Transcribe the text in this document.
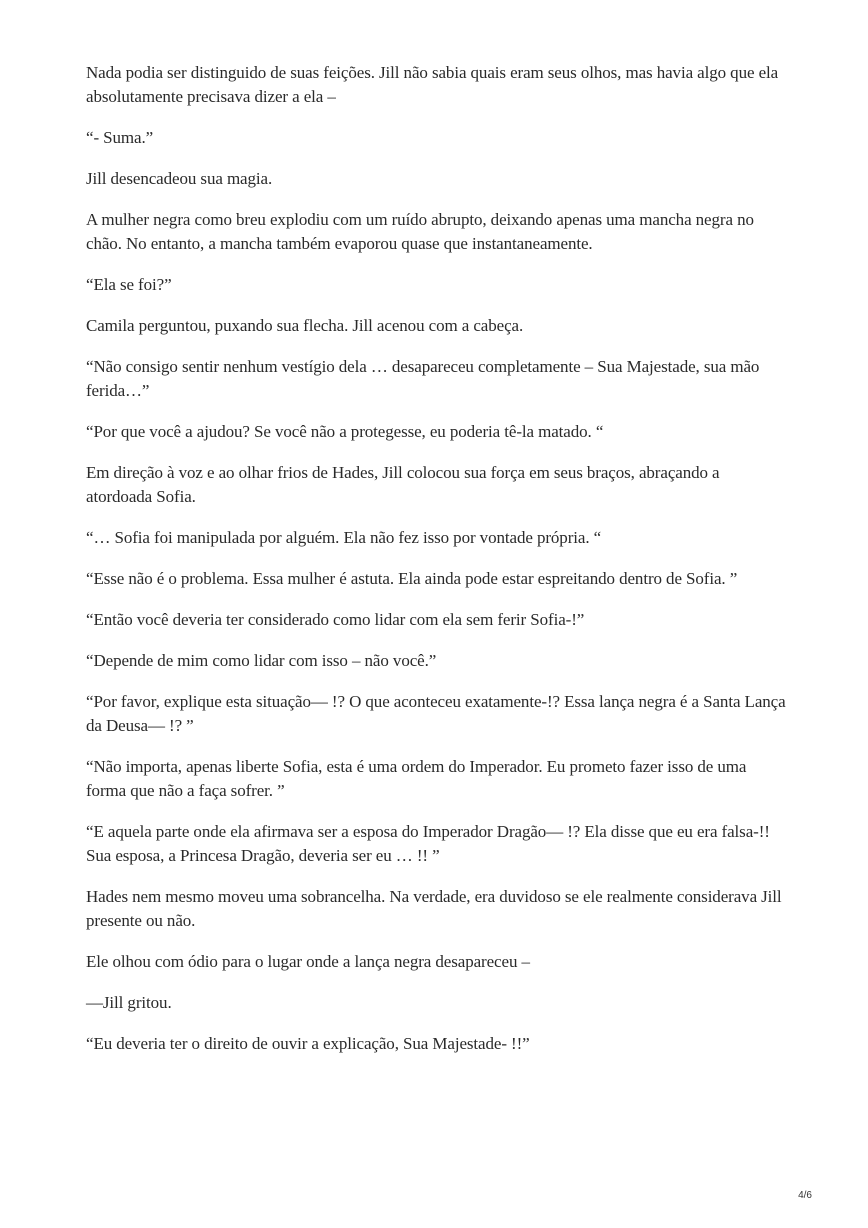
Nada podia ser distinguido de suas feições. Jill não sabia quais eram seus olhos, mas havia algo que ela absolutamente precisava dizer a ela –

“- Suma.”

Jill desencadeou sua magia.

A mulher negra como breu explodiu com um ruído abrupto, deixando apenas uma mancha negra no chão. No entanto, a mancha também evaporou quase que instantaneamente.

“Ela se foi?”

Camila perguntou, puxando sua flecha. Jill acenou com a cabeça.

“Não consigo sentir nenhum vestígio dela … desapareceu completamente – Sua Majestade, sua mão ferida…”

“Por que você a ajudou? Se você não a protegesse, eu poderia tê-la matado. “

Em direção à voz e ao olhar frios de Hades, Jill colocou sua força em seus braços, abraçando a atordoada Sofia.

“… Sofia foi manipulada por alguém. Ela não fez isso por vontade própria. “

“Esse não é o problema. Essa mulher é astuta. Ela ainda pode estar espreitando dentro de Sofia. ”

“Então você deveria ter considerado como lidar com ela sem ferir Sofia-!”

“Depende de mim como lidar com isso – não você.”

“Por favor, explique esta situação— !? O que aconteceu exatamente-!? Essa lança negra é a Santa Lança da Deusa— !? ”

“Não importa, apenas liberte Sofia, esta é uma ordem do Imperador. Eu prometo fazer isso de uma forma que não a faça sofrer. ”

“E aquela parte onde ela afirmava ser a esposa do Imperador Dragão— !? Ela disse que eu era falsa-!! Sua esposa, a Princesa Dragão, deveria ser eu … !! ”

Hades nem mesmo moveu uma sobrancelha. Na verdade, era duvidoso se ele realmente considerava Jill presente ou não.

Ele olhou com ódio para o lugar onde a lança negra desapareceu –

—Jill gritou.

“Eu deveria ter o direito de ouvir a explicação, Sua Majestade- !!”

4/6
